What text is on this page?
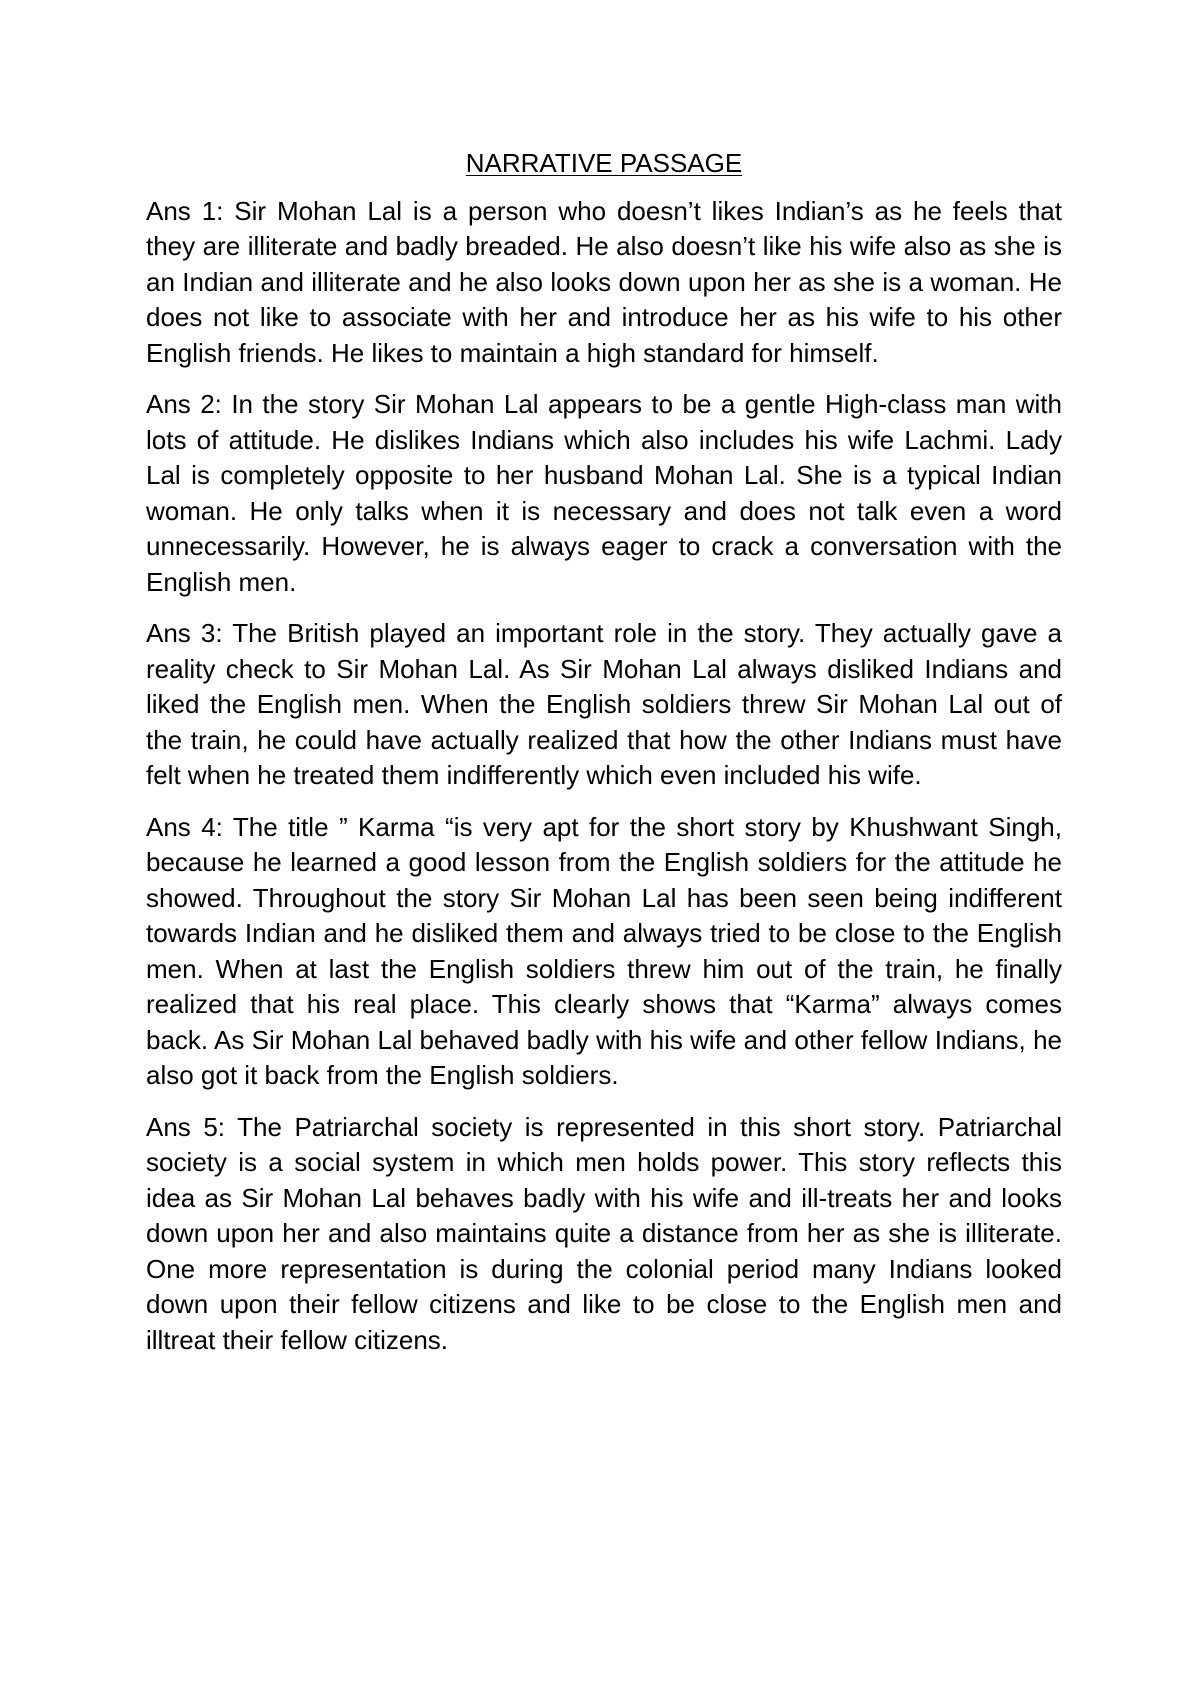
NARRATIVE PASSAGE

Ans 1: Sir Mohan Lal is a person who doesn’t likes Indian’s as he feels that they are illiterate and badly breaded. He also doesn’t like his wife also as she is an Indian and illiterate and he also looks down upon her as she is a woman. He does not like to associate with her and introduce her as his wife to his other English friends. He likes to maintain a high standard for himself.

Ans 2: In the story Sir Mohan Lal appears to be a gentle High-class man with lots of attitude. He dislikes Indians which also includes his wife Lachmi. Lady Lal is completely opposite to her husband Mohan Lal. She is a typical Indian woman. He only talks when it is necessary and does not talk even a word unnecessarily. However, he is always eager to crack a conversation with the English men.

Ans 3: The British played an important role in the story. They actually gave a reality check to Sir Mohan Lal. As Sir Mohan Lal always disliked Indians and liked the English men. When the English soldiers threw Sir Mohan Lal out of the train, he could have actually realized that how the other Indians must have felt when he treated them indifferently which even included his wife.

Ans 4: The title ” Karma “is very apt for the short story by Khushwant Singh, because he learned a good lesson from the English soldiers for the attitude he showed. Throughout the story Sir Mohan Lal has been seen being indifferent towards Indian and he disliked them and always tried to be close to the English men. When at last the English soldiers threw him out of the train, he finally realized that his real place. This clearly shows that “Karma” always comes back. As Sir Mohan Lal behaved badly with his wife and other fellow Indians, he also got it back from the English soldiers.

Ans 5: The Patriarchal society is represented in this short story. Patriarchal society is a social system in which men holds power. This story reflects this idea as Sir Mohan Lal behaves badly with his wife and ill-treats her and looks down upon her and also maintains quite a distance from her as she is illiterate. One more representation is during the colonial period many Indians looked down upon their fellow citizens and like to be close to the English men and illtreat their fellow citizens.
